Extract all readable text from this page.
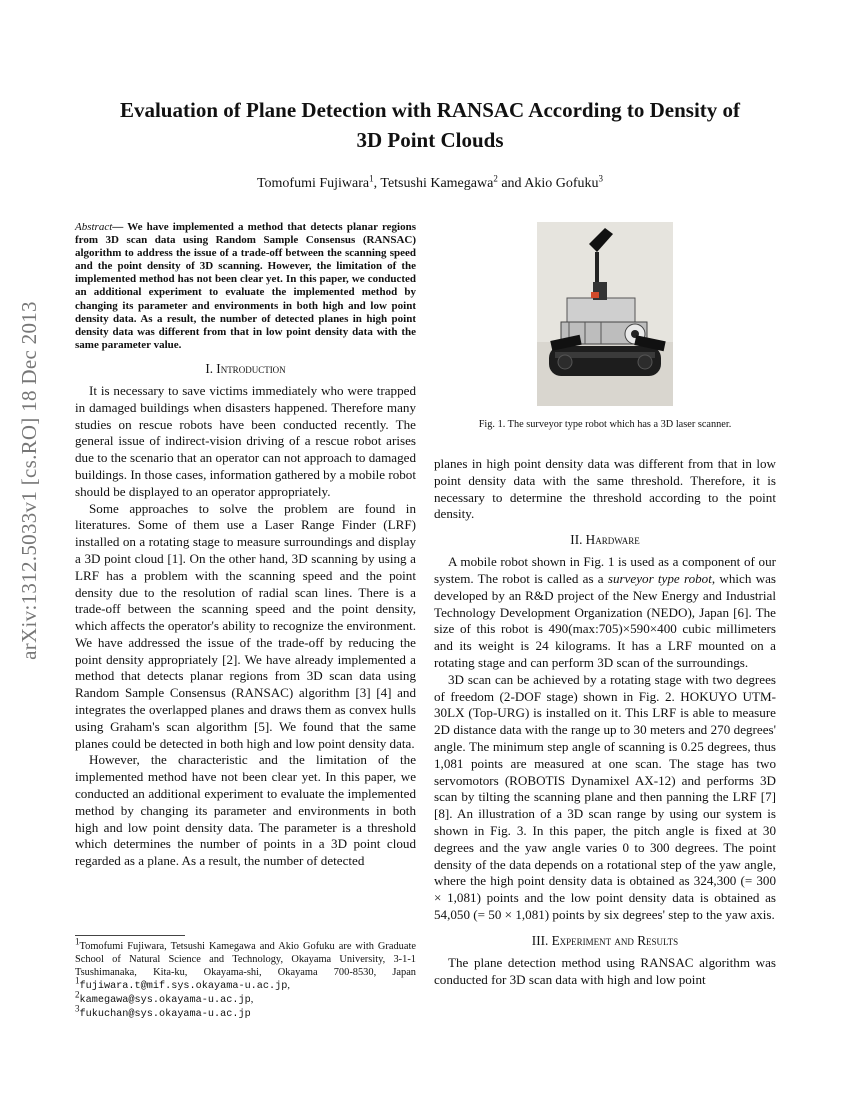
arXiv:1312.5033v1 [cs.RO] 18 Dec 2013
Evaluation of Plane Detection with RANSAC According to Density of
3D Point Clouds
Tomofumi Fujiwara$^1$, Tetsushi Kamegawa$^2$ and Akio Gofuku$^3$

Abstract— We have implemented a method that detects planar regions from 3D scan data using Random Sample Consensus (RANSAC) algorithm to address the issue of a trade-off between the scanning speed and the point density of 3D scanning. However, the limitation of the implemented method has not been clear yet. In this paper, we conducted an additional experiment to evaluate the implemented method by changing its parameter and environments in both high and low point density data. As a result, the number of detected planes in high point density data was different from that in low point density data with the same parameter value.

I. Introduction

It is necessary to save victims immediately who were trapped in damaged buildings when disasters happened. Therefore many studies on rescue robots have been conducted recently. The general issue of indirect-vision driving of a rescue robot arises due to the scenario that an operator can not approach to damaged buildings. In those cases, information gathered by a mobile robot should be displayed to an operator appropriately.

Some approaches to solve the problem are found in literatures. Some of them use a Laser Range Finder (LRF) installed on a rotating stage to measure surroundings and display a 3D point cloud [1]. On the other hand, 3D scanning by using a LRF has a problem with the scanning speed and the point density due to the resolution of radial scan lines. There is a trade-off between the scanning speed and the point density, which affects the operator's ability to recognize the environment. We have addressed the issue of the trade-off by reducing the point density appropriately [2]. We have already implemented a method that detects planar regions from 3D scan data using Random Sample Consensus (RANSAC) algorithm [3] [4] and integrates the overlapped planes and draws them as convex hulls using Graham's scan algorithm [5]. We found that the same planes could be detected in both high and low point density data.

However, the characteristic and the limitation of the implemented method have not been clear yet. In this paper, we conducted an additional experiment to evaluate the implemented method by changing its parameter and environments in both high and low point density data. The parameter is a threshold which determines the number of points in a 3D point cloud regarded as a plane. As a result, the number of detected

$^1$Tomofumi Fujiwara, Tetsushi Kamegawa and Akio Gofuku are with Graduate School of Natural Science and Technology, Okayama University, 3-1-1 Tsushimanaka, Kita-ku, Okayama-shi, Okayama 700-8530, Japan $^1$fujiwara.t@mif.sys.okayama-u.ac.jp,
$^2$kamegawa@sys.okayama-u.ac.jp,
$^3$fukuchan@sys.okayama-u.ac.jp
Fig. 1. The surveyor type robot which has a 3D laser scanner.

planes in high point density data was different from that in low point density data with the same threshold. Therefore, it is necessary to determine the threshold according to the point density.

II. Hardware

A mobile robot shown in Fig. 1 is used as a component of our system. The robot is called as a surveyor type robot, which was developed by an R&D project of the New Energy and Industrial Technology Development Organization (NEDO), Japan [6]. The size of this robot is 490(max:705)×590×400 cubic millimeters and its weight is 24 kilograms. It has a LRF mounted on a rotating stage and can perform 3D scan of the surroundings.

3D scan can be achieved by a rotating stage with two degrees of freedom (2-DOF stage) shown in Fig. 2. HOKUYO UTM-30LX (Top-URG) is installed on it. This LRF is able to measure 2D distance data with the range up to 30 meters and 270 degrees' angle. The minimum step angle of scanning is 0.25 degrees, thus 1,081 points are measured at one scan. The stage has two servomotors (ROBOTIS Dynamixel AX-12) and performs 3D scan by tilting the scanning plane and then panning the LRF [7] [8]. An illustration of a 3D scan range by using our system is shown in Fig. 3. In this paper, the pitch angle is fixed at 30 degrees and the yaw angle varies 0 to 300 degrees. The point density of the data depends on a rotational step of the yaw angle, where the high point density data is obtained as 324,300 (= 300 × 1,081) points and the low point density data is obtained as 54,050 (= 50 × 1,081) points by six degrees' step to the yaw axis.

III. Experiment and Results

The plane detection method using RANSAC algorithm was conducted for 3D scan data with high and low point
